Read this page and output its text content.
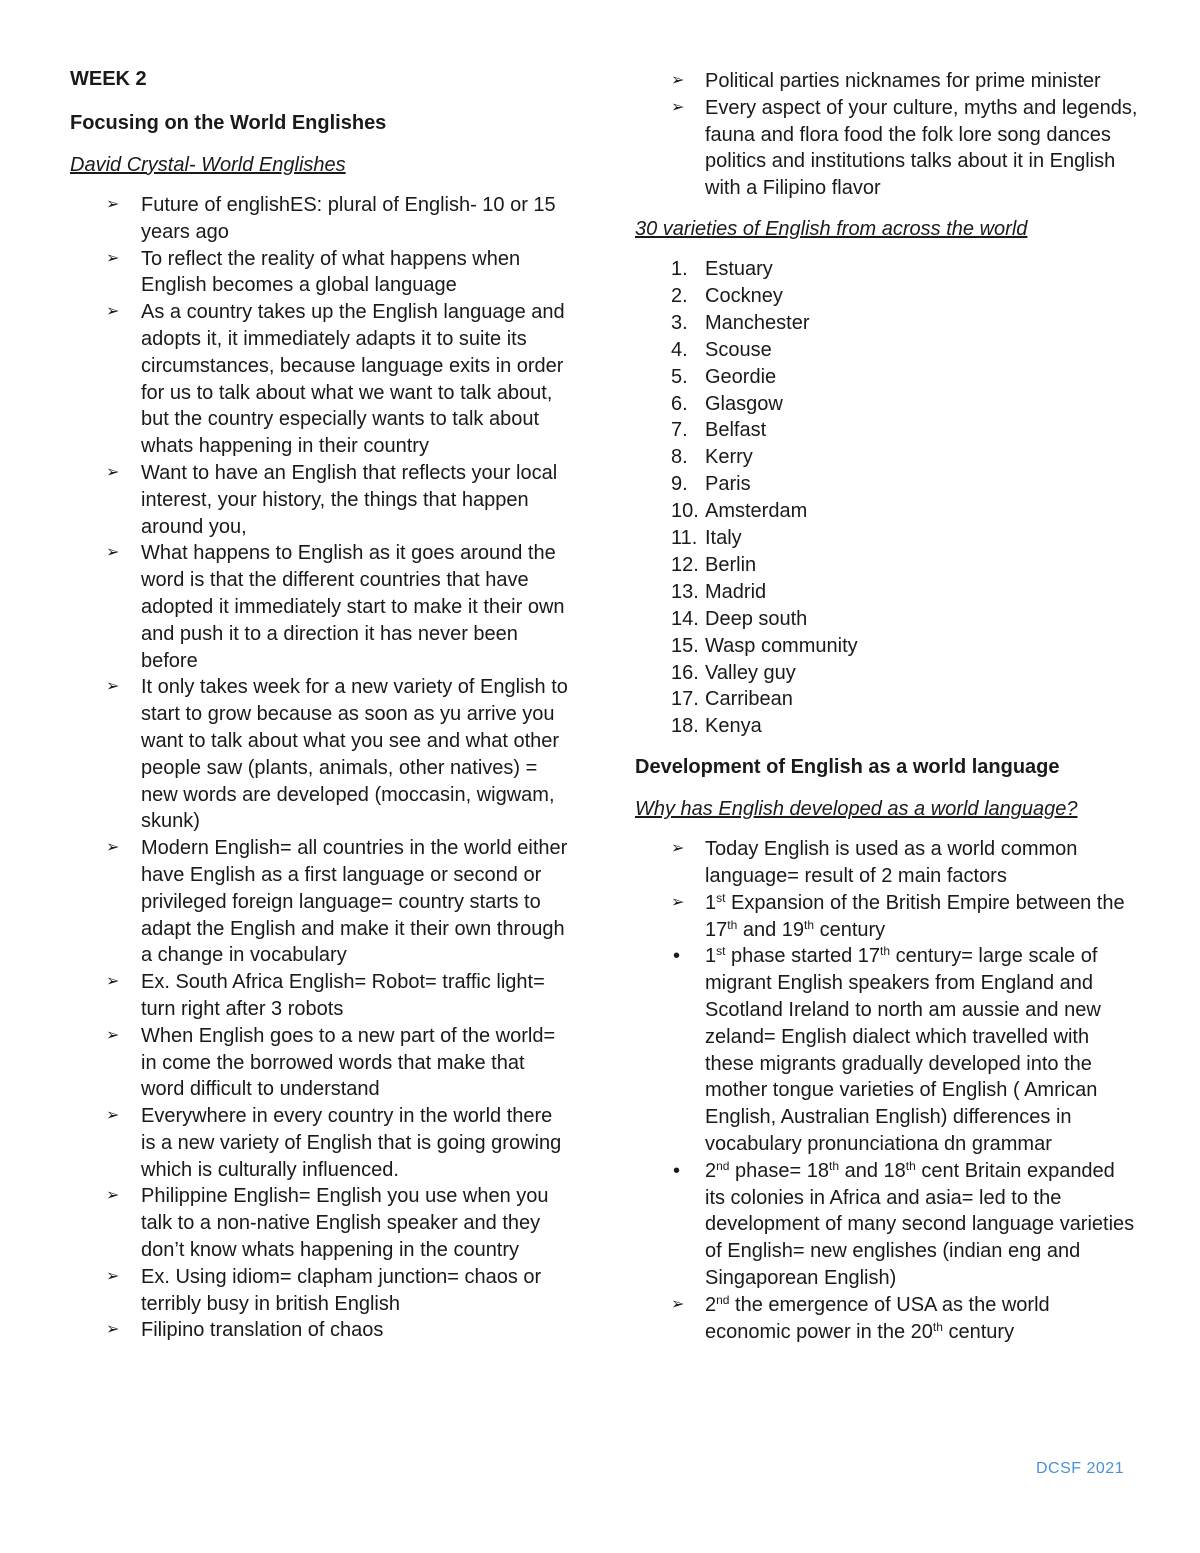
WEEK 2
Focusing on the World Englishes
David Crystal- World Englishes
➢	Future of englishES: plural of English- 10 or 15 years ago
➢	To reflect the reality of what happens when English becomes a global language
➢	As a country takes up the English language and adopts it, it immediately adapts it to suite its circumstances, because language exits in order for us to talk about what we want to talk about, but the country especially wants to talk about whats happening in their country
➢	Want to have an English that reflects your local interest, your history, the things that happen around you,
➢	What happens to English as it goes around the word is that the different countries that have adopted it immediately start to make it their own and push it to a direction it has never been before
➢	It only takes week for a new variety of English to start to grow because as soon as yu arrive you want to talk about what you see and what other people saw (plants, animals, other natives) = new words are developed (moccasin, wigwam, skunk)
➢	Modern English= all countries in the world either have English as a first language or second or privileged foreign language= country starts to adapt the English and make it their own through a change in vocabulary
➢	Ex. South Africa English= Robot= traffic light= turn right after 3 robots
➢	When English goes to a new part of the world= in come the borrowed words that make that word difficult to understand
➢	Everywhere in every country in the world there is a new variety of English that is going growing which is culturally influenced.
➢	Philippine English= English you use when you talk to a non-native English speaker and they don’t know whats happening in the country
➢	Ex. Using idiom= clapham junction= chaos or terribly busy in british English
➢	Filipino translation of chaos
➢	Political parties nicknames for prime minister
➢	Every aspect of your culture, myths and legends, fauna and flora food the folk lore song dances politics and institutions talks about it in English with a Filipino flavor
30 varieties of English from across the world
1. Estuary
2. Cockney
3. Manchester
4. Scouse
5. Geordie
6. Glasgow
7. Belfast
8. Kerry
9. Paris
10. Amsterdam
11. Italy
12. Berlin
13. Madrid
14. Deep south
15. Wasp community
16. Valley guy
17. Carribean
18. Kenya
Development of English as a world language
Why has English developed as a world language?
➢	Today English is used as a world common language= result of 2 main factors
➢	1st Expansion of the British Empire between the 17th and 19th century
•	1st phase started 17th century= large scale of migrant English speakers from England and Scotland Ireland to north am aussie and new zeland= English dialect which travelled with these migrants gradually developed into the mother tongue varieties of English ( Amrican English, Australian English) differences in vocabulary pronunciationa dn grammar
•	2nd phase= 18th and 18th cent Britain expanded its colonies in Africa and asia= led to the development of many second language varieties of English= new englishes (indian eng and Singaporean English)
➢	2nd the emergence of USA as the world economic power in the 20th century
DCSF 2021
